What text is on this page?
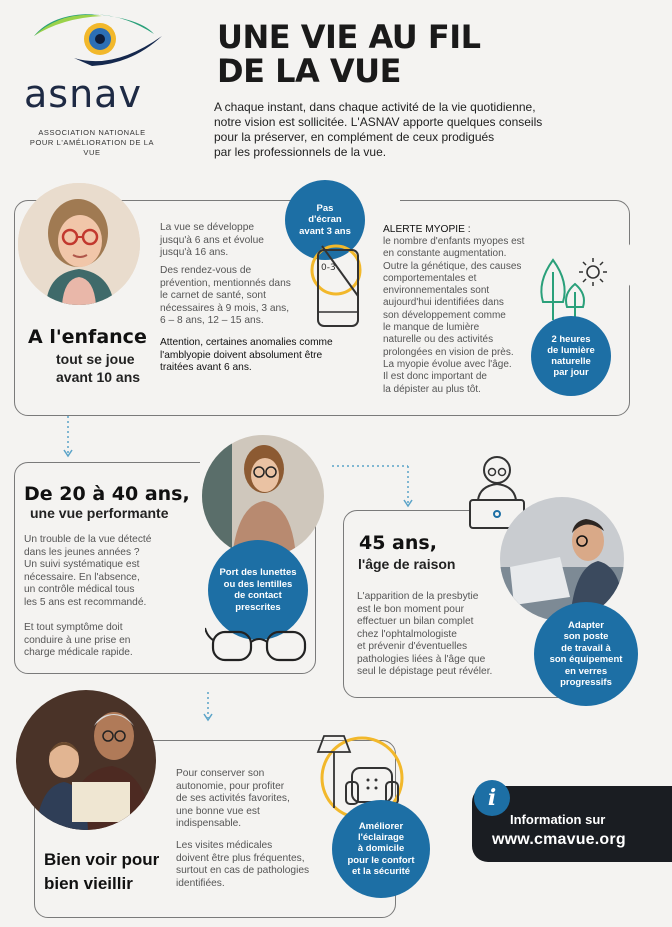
asnav
ASSOCIATION NATIONALE
POUR L'AMÉLIORATION DE LA VUE
UNE VIE AU FIL
DE LA VUE
A chaque instant, dans chaque activité de la vie quotidienne,
notre vision est sollicitée. L'ASNAV apporte quelques conseils
pour la préserver, en complément de ceux prodigués
par les professionnels de la vue.
A l'enfance
tout se joue
avant 10 ans
La vue se développe
jusqu'à 6 ans et évolue
jusqu'à 16 ans.
Des rendez-vous de
prévention, mentionnés dans
le carnet de santé, sont
nécessaires à 9 mois, 3 ans,
6 – 8 ans, 12 – 15 ans.
Attention, certaines anomalies comme
l'amblyopie doivent absolument être
traitées avant 6 ans.
Pas
d'écran
avant 3 ans
0-3
ALERTE MYOPIE :
le nombre d'enfants myopes est
en constante augmentation.
Outre la génétique, des causes
comportementales et
environnementales sont
aujourd'hui identifiées dans
son développement comme
le manque de lumière
naturelle ou des activités
prolongées en vision de près.
La myopie évolue avec l'âge.
Il est donc important de
la dépister au plus tôt.
2 heures
de lumière
naturelle
par jour
De 20 à 40 ans,
une vue performante
Un trouble de la vue détecté
dans les jeunes années ?
Un suivi systématique est
nécessaire. En l'absence,
un contrôle médical tous
les 5 ans est recommandé.
Et tout symptôme doit
conduire à une prise en
charge médicale rapide.
Port des lunettes
ou des lentilles
de contact
prescrites
45 ans,
l'âge de raison
L'apparition de la presbytie
est le bon moment pour
effectuer un bilan complet
chez l'ophtalmologiste
et prévenir d'éventuelles
pathologies liées à l'âge que
seul le dépistage peut révéler.
Adapter
son poste
de travail à
son équipement
en verres
progressifs
Bien voir pour
bien vieillir
Pour conserver son
autonomie, pour profiter
de ses activités favorites,
une bonne vue est
indispensable.
Les visites médicales
doivent être plus fréquentes,
surtout en cas de pathologies
identifiées.
Améliorer
l'éclairage
à domicile
pour le confort
et la sécurité
i
Information sur
www.cmavue.org
